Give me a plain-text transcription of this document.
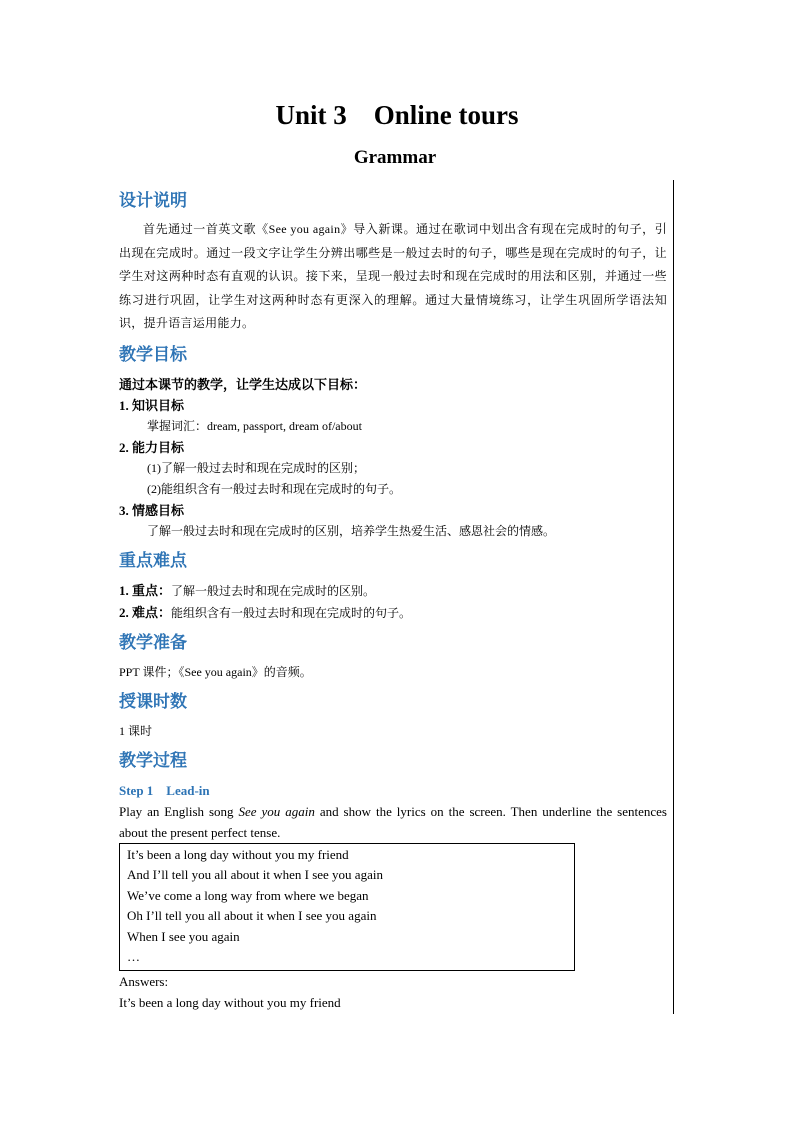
Unit 3    Online tours
Grammar
设计说明

首先通过一首英文歌《See you again》导入新课。通过在歌词中划出含有现在完成时的句子，引出现在完成时。通过一段文字让学生分辨出哪些是一般过去时的句子，哪些是现在完成时的句子，让学生对这两种时态有直观的认识。接下来，呈现一般过去时和现在完成时的用法和区别，并通过一些练习进行巩固，让学生对这两种时态有更深入的理解。通过大量情境练习，让学生巩固所学语法知识，提升语言运用能力。

教学目标

通过本课节的教学，让学生达成以下目标：

1. 知识目标

掌握词汇：dream, passport, dream of/about

2. 能力目标

(1)了解一般过去时和现在完成时的区别；

(2)能组织含有一般过去时和现在完成时的句子。

3. 情感目标

了解一般过去时和现在完成时的区别，培养学生热爱生活、感恩社会的情感。

重点难点

1. 重点：了解一般过去时和现在完成时的区别。

2. 难点：能组织含有一般过去时和现在完成时的句子。

教学准备

PPT 课件；《See you again》的音频。

授课时数

1 课时

教学过程

Step 1    Lead-in

Play an English song See you again and show the lyrics on the screen. Then underline the sentences about the present perfect tense.

It’s been a long day without you my friend

And I’ll tell you all about it when I see you again

We’ve come a long way from where we began

Oh I’ll tell you all about it when I see you again

When I see you again

…

Answers:

It’s been a long day without you my friend
